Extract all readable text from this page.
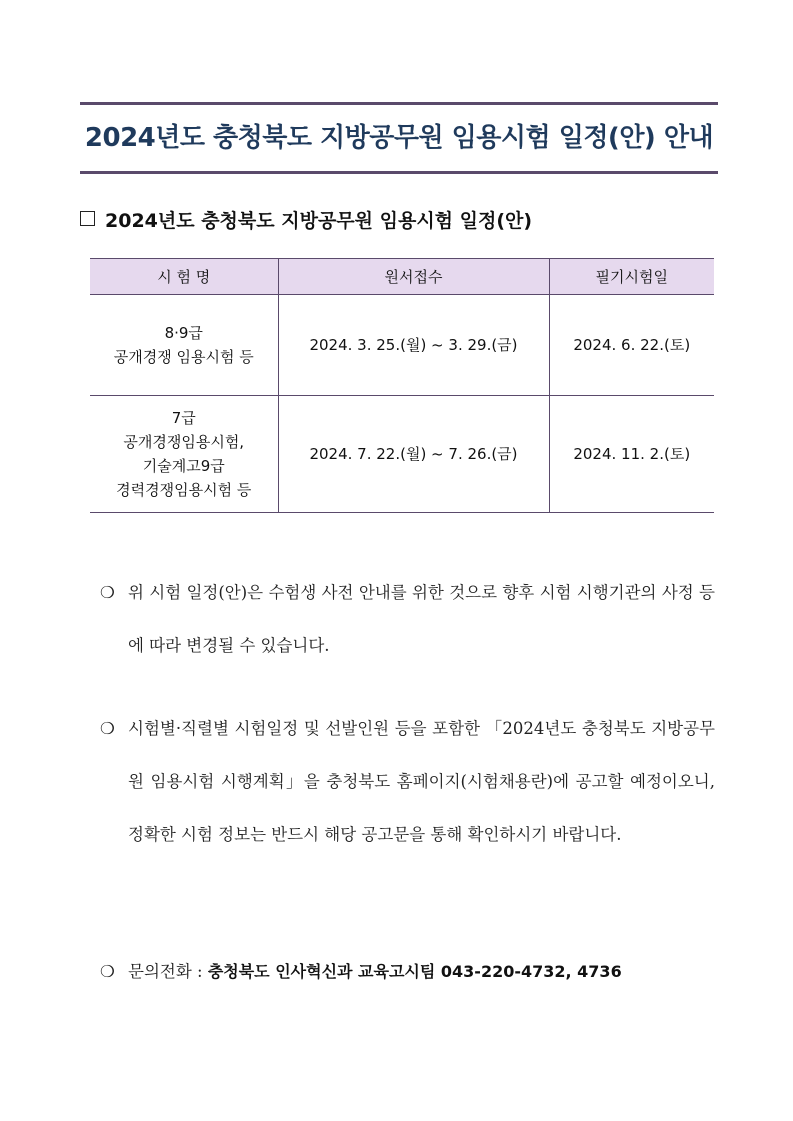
2024년도 충청북도 지방공무원 임용시험 일정(안) 안내
2024년도 충청북도 지방공무원 임용시험 일정(안)
시 험 명	원서접수	필기시험일

8·9급
공개경쟁 임용시험 등	2024. 3. 25.(월) ~ 3. 29.(금)	2024. 6. 22.(토)

7급
공개경쟁임용시험,
기술계고9급
경력경쟁임용시험 등	2024. 7. 22.(월) ~ 7. 26.(금)	2024. 11. 2.(토)
❍ 위 시험 일정(안)은 수험생 사전 안내를 위한 것으로 향후 시험 시행기관의 사정 등에 따라 변경될 수 있습니다.
❍ 시험별·직렬별 시험일정 및 선발인원 등을 포함한 「2024년도 충청북도 지방공무원 임용시험 시행계획」을 충청북도 홈페이지(시험채용란)에 공고할 예정이오니, 정확한 시험 정보는 반드시 해당 공고문을 통해 확인하시기 바랍니다.
❍ 문의전화 : 충청북도 인사혁신과 교육고시팀 043-220-4732, 4736
